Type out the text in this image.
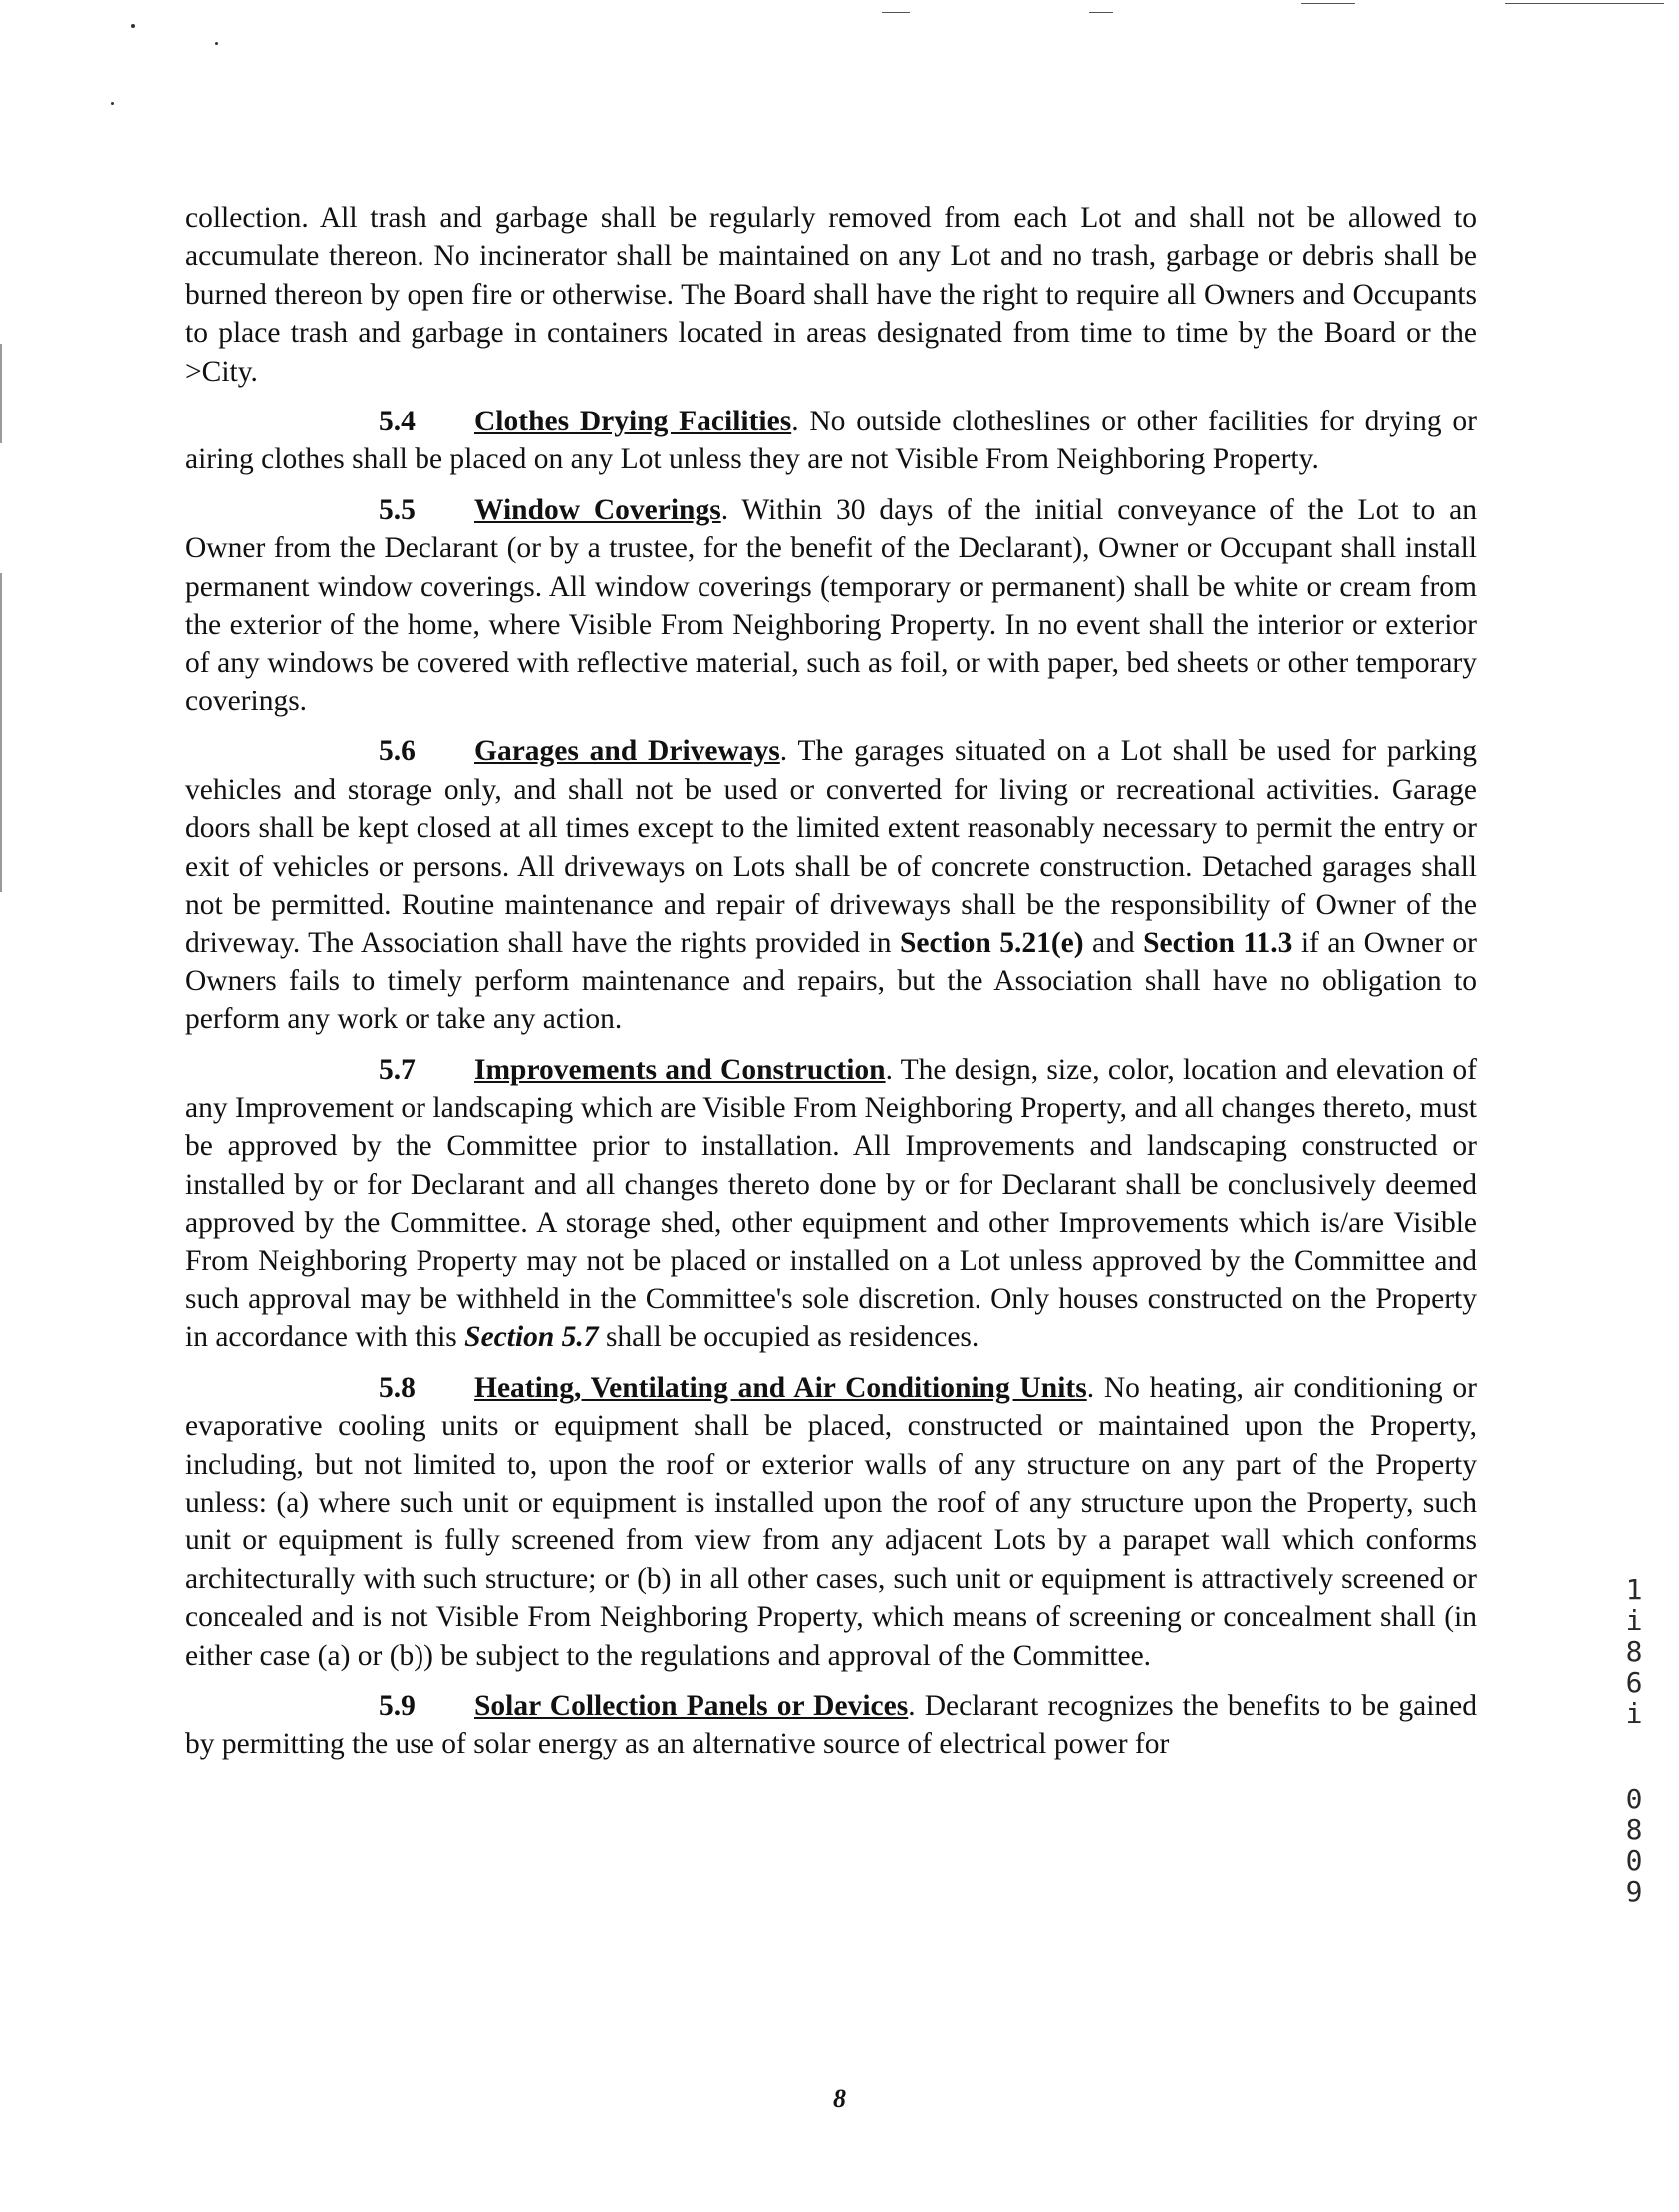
collection. All trash and garbage shall be regularly removed from each Lot and shall not be allowed to accumulate thereon. No incinerator shall be maintained on any Lot and no trash, garbage or debris shall be burned thereon by open fire or otherwise. The Board shall have the right to require all Owners and Occupants to place trash and garbage in containers located in areas designated from time to time by the Board or the >City.

5.4 Clothes Drying Facilities. No outside clotheslines or other facilities for drying or airing clothes shall be placed on any Lot unless they are not Visible From Neighboring Property.

5.5 Window Coverings. Within 30 days of the initial conveyance of the Lot to an Owner from the Declarant (or by a trustee, for the benefit of the Declarant), Owner or Occupant shall install permanent window coverings. All window coverings (temporary or permanent) shall be white or cream from the exterior of the home, where Visible From Neighboring Property. In no event shall the interior or exterior of any windows be covered with reflective material, such as foil, or with paper, bed sheets or other temporary coverings.

5.6 Garages and Driveways. The garages situated on a Lot shall be used for parking vehicles and storage only, and shall not be used or converted for living or recreational activities. Garage doors shall be kept closed at all times except to the limited extent reasonably necessary to permit the entry or exit of vehicles or persons. All driveways on Lots shall be of concrete construction. Detached garages shall not be permitted. Routine maintenance and repair of driveways shall be the responsibility of Owner of the driveway. The Association shall have the rights provided in Section 5.21(e) and Section 11.3 if an Owner or Owners fails to timely perform maintenance and repairs, but the Association shall have no obligation to perform any work or take any action.

5.7 Improvements and Construction. The design, size, color, location and elevation of any Improvement or landscaping which are Visible From Neighboring Property, and all changes thereto, must be approved by the Committee prior to installation. All Improvements and landscaping constructed or installed by or for Declarant and all changes thereto done by or for Declarant shall be conclusively deemed approved by the Committee. A storage shed, other equipment and other Improvements which is/are Visible From Neighboring Property may not be placed or installed on a Lot unless approved by the Committee and such approval may be withheld in the Committee's sole discretion. Only houses constructed on the Property in accordance with this Section 5.7 shall be occupied as residences.

5.8 Heating, Ventilating and Air Conditioning Units. No heating, air conditioning or evaporative cooling units or equipment shall be placed, constructed or maintained upon the Property, including, but not limited to, upon the roof or exterior walls of any structure on any part of the Property unless: (a) where such unit or equipment is installed upon the roof of any structure upon the Property, such unit or equipment is fully screened from view from any adjacent Lots by a parapet wall which conforms architecturally with such structure; or (b) in all other cases, such unit or equipment is attractively screened or concealed and is not Visible From Neighboring Property, which means of screening or concealment shall (in either case (a) or (b)) be subject to the regulations and approval of the Committee.

5.9 Solar Collection Panels or Devices. Declarant recognizes the benefits to be gained by permitting the use of solar energy as an alternative source of electrical power for

8
1
i
8
6
i
0
8
0
9
